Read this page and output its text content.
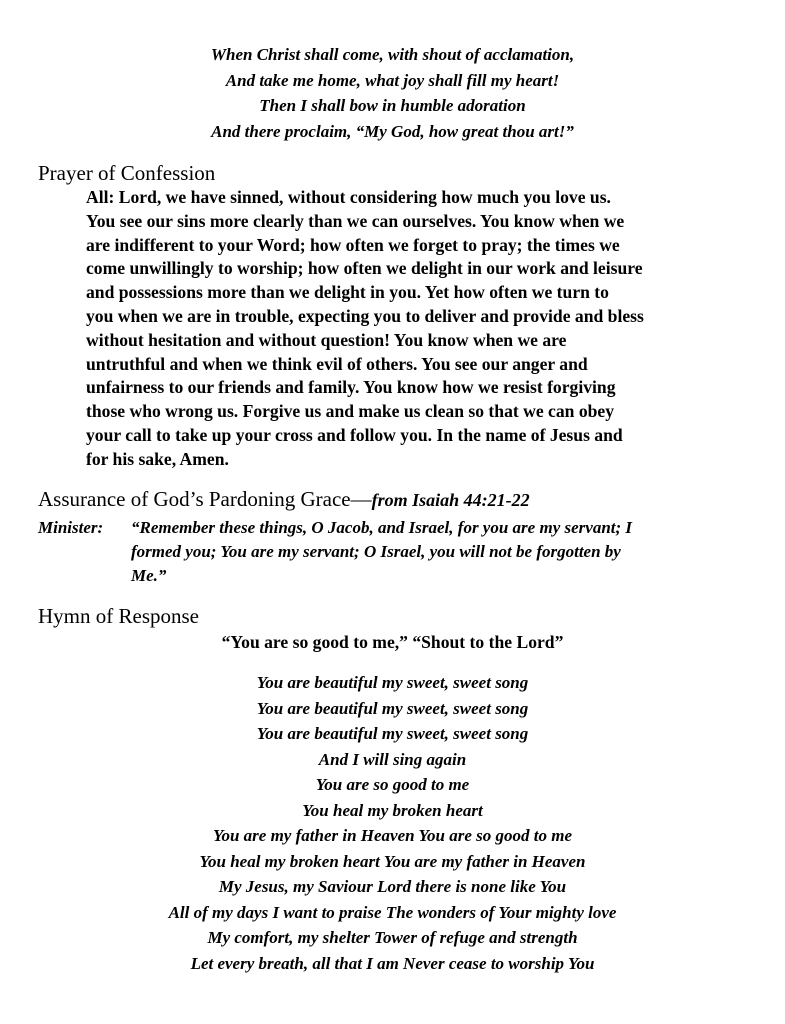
When Christ shall come, with shout of acclamation,
And take me home, what joy shall fill my heart!
Then I shall bow in humble adoration
And there proclaim, “My God, how great thou art!”
Prayer of Confession
All: Lord, we have sinned, without considering how much you love us.
You see our sins more clearly than we can ourselves. You know when we
are indifferent to your Word; how often we forget to pray; the times we
come unwillingly to worship; how often we delight in our work and leisure
and possessions more than we delight in you. Yet how often we turn to
you when we are in trouble, expecting you to deliver and provide and bless
without hesitation and without question! You know when we are
untruthful and when we think evil of others. You see our anger and
unfairness to our friends and family. You know how we resist forgiving
those who wrong us. Forgive us and make us clean so that we can obey
your call to take up your cross and follow you. In the name of Jesus and
for his sake, Amen.
Assurance of God’s Pardoning Grace—from Isaiah 44:21-22
Minister: “Remember these things, O Jacob, and Israel, for you are my servant; I
formed you; You are my servant; O Israel, you will not be forgotten by
Me.”
Hymn of Response
“You are so good to me,” “Shout to the Lord”
You are beautiful my sweet, sweet song
You are beautiful my sweet, sweet song
You are beautiful my sweet, sweet song
And I will sing again
You are so good to me
You heal my broken heart
You are my father in Heaven You are so good to me
You heal my broken heart You are my father in Heaven
My Jesus, my Saviour Lord there is none like You
All of my days I want to praise The wonders of Your mighty love
My comfort, my shelter Tower of refuge and strength
Let every breath, all that I am Never cease to worship You
